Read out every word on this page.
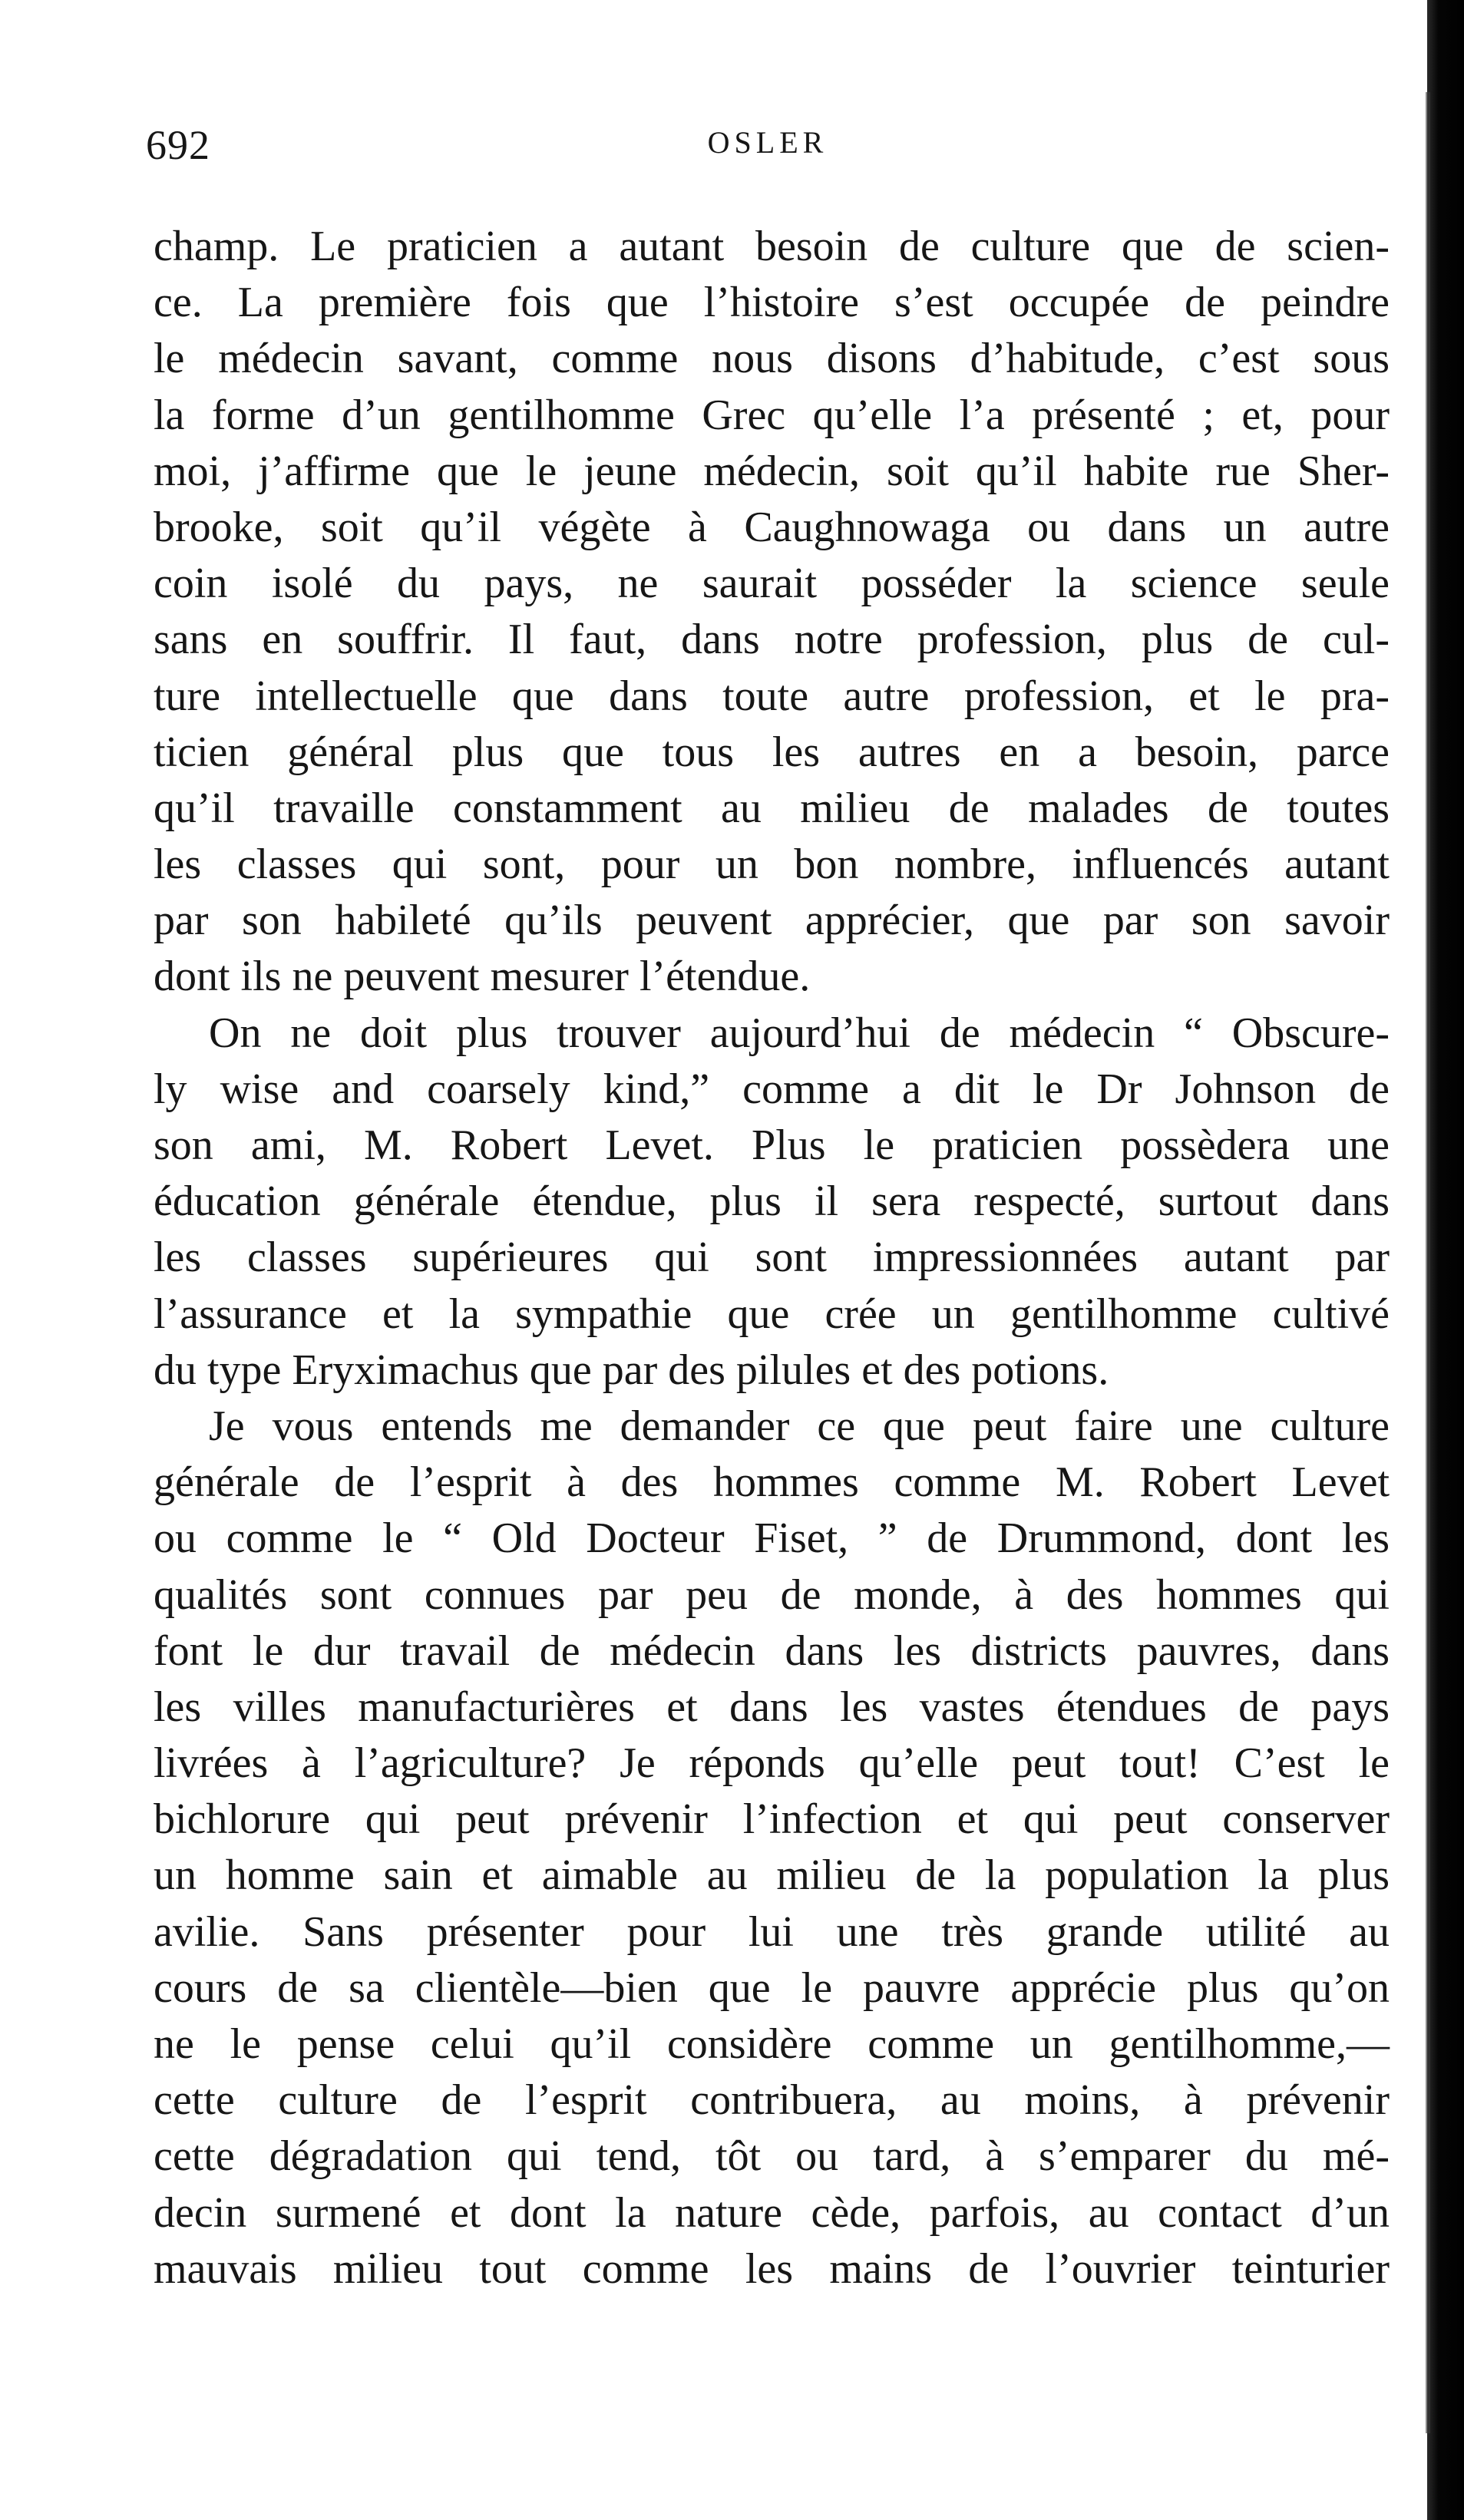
692	OSLER
champ. Le praticien a autant besoin de culture que de scien-
ce. La première fois que l’histoire s’est occupée de peindre
le médecin savant, comme nous disons d’habitude, c’est sous
la forme d’un gentilhomme Grec qu’elle l’a présenté ; et, pour
moi, j’affirme que le jeune médecin, soit qu’il habite rue Sher-
brooke, soit qu’il végète à Caughnowaga ou dans un autre
coin isolé du pays, ne saurait posséder la science seule
sans en souffrir. Il faut, dans notre profession, plus de cul-
ture intellectuelle que dans toute autre profession, et le pra-
ticien général plus que tous les autres en a besoin, parce
qu’il travaille constamment au milieu de malades de toutes
les classes qui sont, pour un bon nombre, influencés autant
par son habileté qu’ils peuvent apprécier, que par son savoir
dont ils ne peuvent mesurer l’étendue.
On ne doit plus trouver aujourd’hui de médecin “ Obscure-
ly wise and coarsely kind,” comme a dit le Dr Johnson de
son ami, M. Robert Levet. Plus le praticien possèdera une
éducation générale étendue, plus il sera respecté, surtout dans
les classes supérieures qui sont impressionnées autant par
l’assurance et la sympathie que crée un gentilhomme cultivé
du type Eryximachus que par des pilules et des potions.
Je vous entends me demander ce que peut faire une culture
générale de l’esprit à des hommes comme M. Robert Levet
ou comme le “ Old Docteur Fiset, ” de Drummond, dont les
qualités sont connues par peu de monde, à des hommes qui
font le dur travail de médecin dans les districts pauvres, dans
les villes manufacturières et dans les vastes étendues de pays
livrées à l’agriculture? Je réponds qu’elle peut tout! C’est le
bichlorure qui peut prévenir l’infection et qui peut conserver
un homme sain et aimable au milieu de la population la plus
avilie. Sans présenter pour lui une très grande utilité au
cours de sa clientèle—bien que le pauvre apprécie plus qu’on
ne le pense celui qu’il considère comme un gentilhomme,—
cette culture de l’esprit contribuera, au moins, à prévenir
cette dégradation qui tend, tôt ou tard, à s’emparer du mé-
decin surmené et dont la nature cède, parfois, au contact d’un
mauvais milieu tout comme les mains de l’ouvrier teinturier
